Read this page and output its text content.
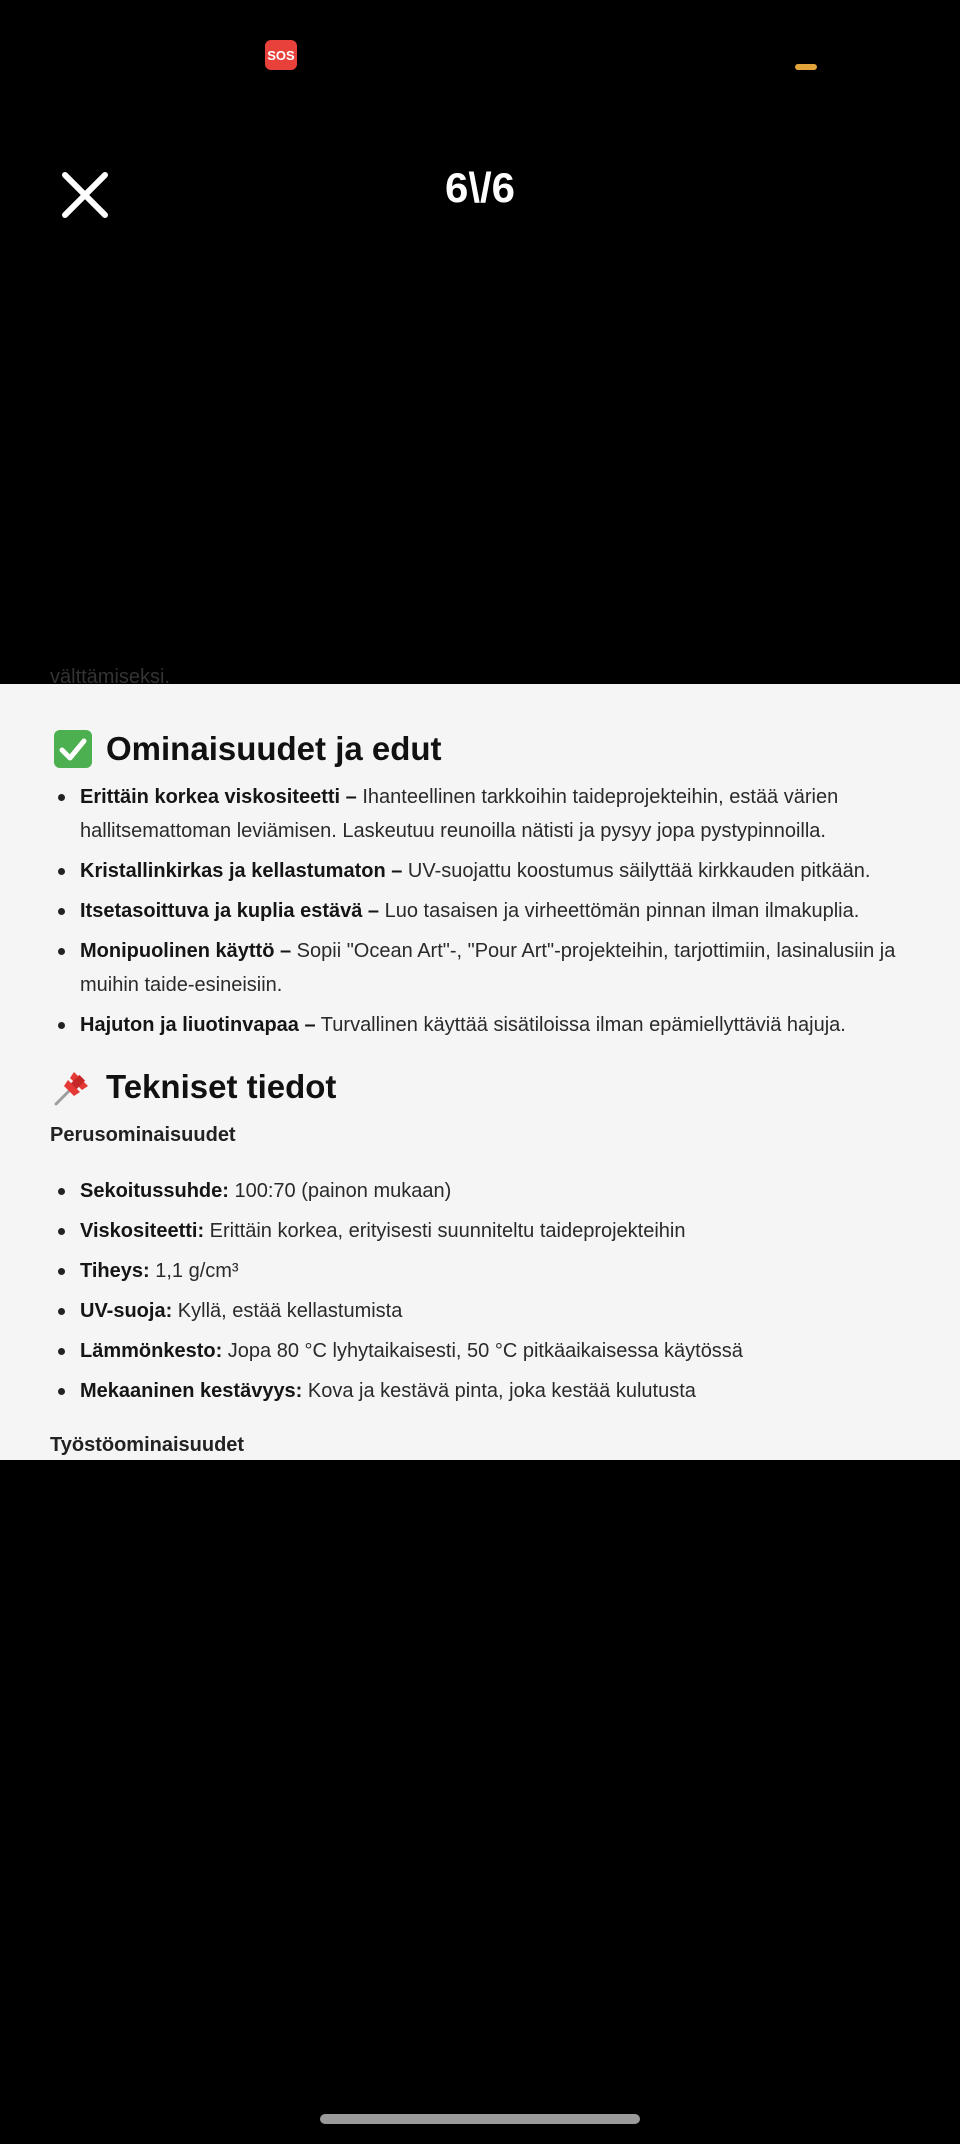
SOS
6\/6
välttämiseksi.
Ominaisuudet ja edut
Erittäin korkea viskositeetti – Ihanteellinen tarkkoihin taideprojekteihin, estää värien hallitsemattoman leviämisen. Laskeutuu reunoilla nätisti ja pysyy jopa pystypinnoilla.
Kristallinkirkas ja kellastumaton – UV-suojattu koostumus säilyttää kirkkauden pitkään.
Itsetasoittuva ja kuplia estävä – Luo tasaisen ja virheettömän pinnan ilman ilmakuplia.
Monipuolinen käyttö – Sopii "Ocean Art"-, "Pour Art"-projekteihin, tarjottimiin, lasinalusiin ja muihin taide-esineisiin.
Hajuton ja liuotinvapaa – Turvallinen käyttää sisätiloissa ilman epämiellyttäviä hajuja.
Tekniset tiedot
Perusominaisuudet
Sekoitussuhde: 100:70 (painon mukaan)
Viskositeetti: Erittäin korkea, erityisesti suunniteltu taideprojekteihin
Tiheys: 1,1 g/cm³
UV-suoja: Kyllä, estää kellastumista
Lämmönkesto: Jopa 80 °C lyhytaikaisesti, 50 °C pitkäaikaisessa käytössä
Mekaaninen kestävyys: Kova ja kestävä pinta, joka kestää kulutusta
Työstöominaisuudet
